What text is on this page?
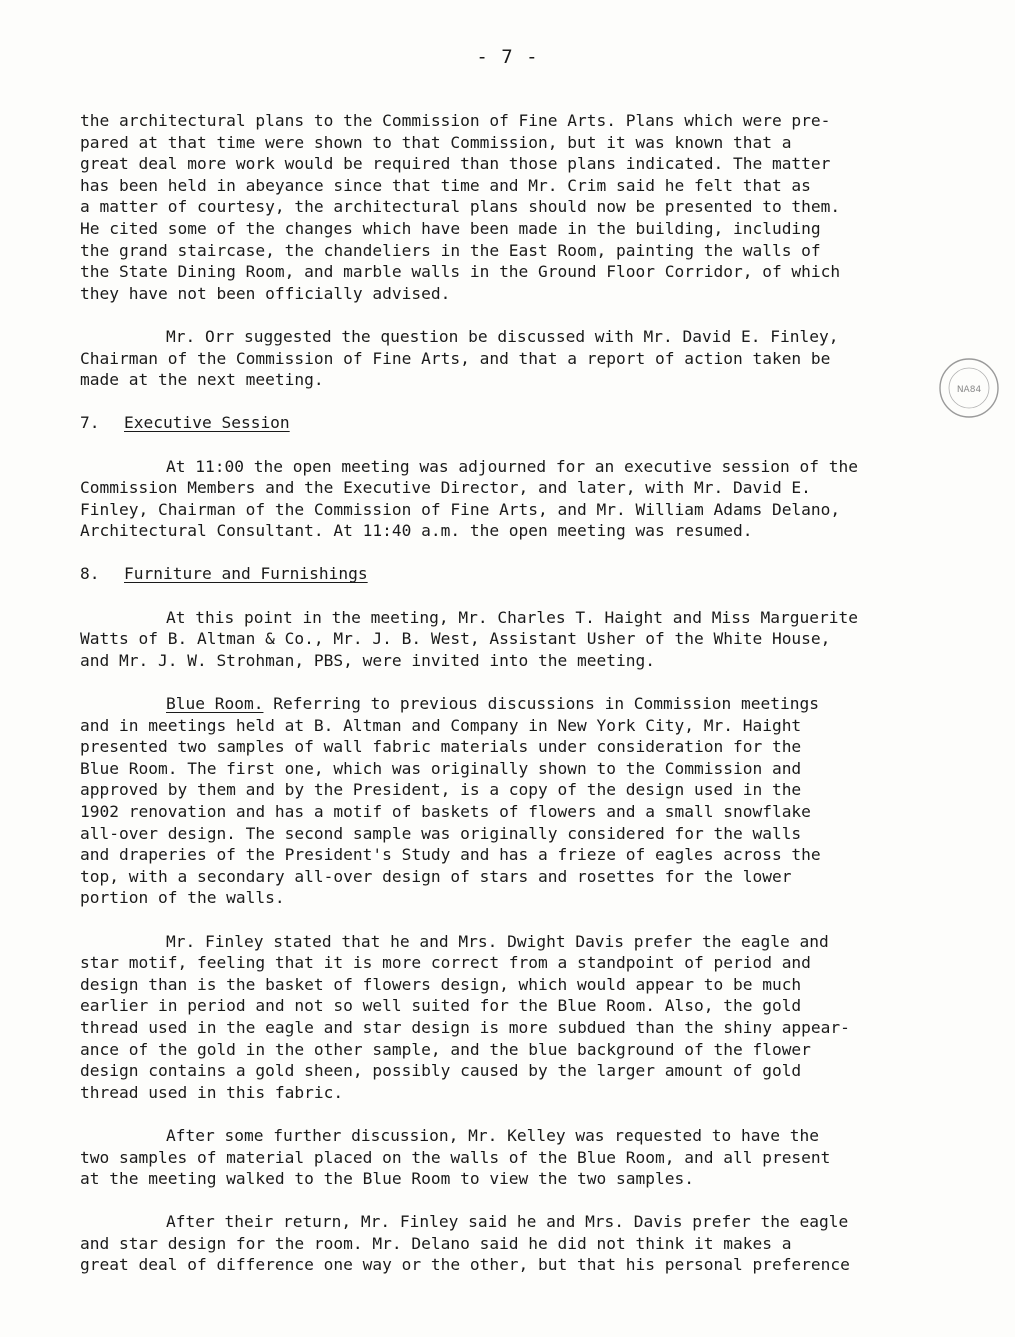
- 7 -
NA84
the architectural plans to the Commission of Fine Arts. Plans which were pre-
pared at that time were shown to that Commission, but it was known that a
great deal more work would be required than those plans indicated. The matter
has been held in abeyance since that time and Mr. Crim said he felt that as
a matter of courtesy, the architectural plans should now be presented to them.
He cited some of the changes which have been made in the building, including
the grand staircase, the chandeliers in the East Room, painting the walls of
the State Dining Room, and marble walls in the Ground Floor Corridor, of which
they have not been officially advised.
Mr. Orr suggested the question be discussed with Mr. David E. Finley,
Chairman of the Commission of Fine Arts, and that a report of action taken be
made at the next meeting.
7. Executive Session
At 11:00 the open meeting was adjourned for an executive session of the
Commission Members and the Executive Director, and later, with Mr. David E.
Finley, Chairman of the Commission of Fine Arts, and Mr. William Adams Delano,
Architectural Consultant. At 11:40 a.m. the open meeting was resumed.
8. Furniture and Furnishings
At this point in the meeting, Mr. Charles T. Haight and Miss Marguerite
Watts of B. Altman & Co., Mr. J. B. West, Assistant Usher of the White House,
and Mr. J. W. Strohman, PBS, were invited into the meeting.
Blue Room. Referring to previous discussions in Commission meetings
and in meetings held at B. Altman and Company in New York City, Mr. Haight
presented two samples of wall fabric materials under consideration for the
Blue Room. The first one, which was originally shown to the Commission and
approved by them and by the President, is a copy of the design used in the
1902 renovation and has a motif of baskets of flowers and a small snowflake
all-over design. The second sample was originally considered for the walls
and draperies of the President's Study and has a frieze of eagles across the
top, with a secondary all-over design of stars and rosettes for the lower
portion of the walls.
Mr. Finley stated that he and Mrs. Dwight Davis prefer the eagle and
star motif, feeling that it is more correct from a standpoint of period and
design than is the basket of flowers design, which would appear to be much
earlier in period and not so well suited for the Blue Room. Also, the gold
thread used in the eagle and star design is more subdued than the shiny appear-
ance of the gold in the other sample, and the blue background of the flower
design contains a gold sheen, possibly caused by the larger amount of gold
thread used in this fabric.
After some further discussion, Mr. Kelley was requested to have the
two samples of material placed on the walls of the Blue Room, and all present
at the meeting walked to the Blue Room to view the two samples.
After their return, Mr. Finley said he and Mrs. Davis prefer the eagle
and star design for the room. Mr. Delano said he did not think it makes a
great deal of difference one way or the other, but that his personal preference
